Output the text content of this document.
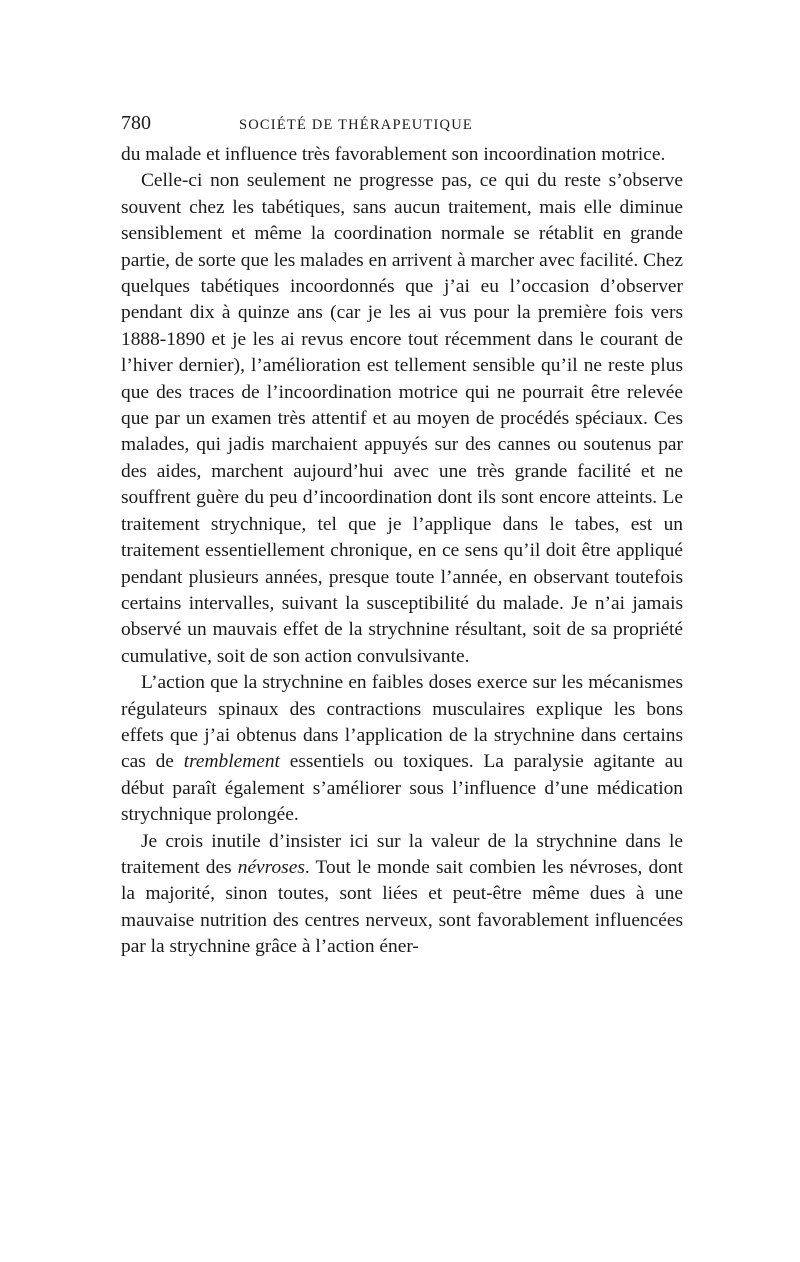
780	SOCIÉTÉ DE THÉRAPEUTIQUE

du malade et influence très favorablement son incoordination motrice.

Celle-ci non seulement ne progresse pas, ce qui du reste s’observe souvent chez les tabétiques, sans aucun traitement, mais elle diminue sensiblement et même la coordination normale se rétablit en grande partie, de sorte que les malades en arrivent à marcher avec facilité. Chez quelques tabétiques incoordonnés que j’ai eu l’occasion d’observer pendant dix à quinze ans (car je les ai vus pour la première fois vers 1888-1890 et je les ai revus encore tout récemment dans le courant de l’hiver dernier), l’amélioration est tellement sensible qu’il ne reste plus que des traces de l’incoordination motrice qui ne pourrait être relevée que par un examen très attentif et au moyen de procédés spéciaux. Ces malades, qui jadis marchaient appuyés sur des cannes ou soutenus par des aides, marchent aujourd’hui avec une très grande facilité et ne souffrent guère du peu d’incoordination dont ils sont encore atteints. Le traitement strychnique, tel que je l’applique dans le tabes, est un traitement essentiellement chronique, en ce sens qu’il doit être appliqué pendant plusieurs années, presque toute l’année, en observant toutefois certains intervalles, suivant la susceptibilité du malade. Je n’ai jamais observé un mauvais effet de la strychnine résultant, soit de sa propriété cumulative, soit de son action convulsivante.

L’action que la strychnine en faibles doses exerce sur les mécanismes régulateurs spinaux des contractions musculaires explique les bons effets que j’ai obtenus dans l’application de la strychnine dans certains cas de tremblement essentiels ou toxiques. La paralysie agitante au début paraît également s’améliorer sous l’influence d’une médication strychnique prolongée.

Je crois inutile d’insister ici sur la valeur de la strychnine dans le traitement des névroses. Tout le monde sait combien les névroses, dont la majorité, sinon toutes, sont liées et peut-être même dues à une mauvaise nutrition des centres nerveux, sont favorablement influencées par la strychnine grâce à l’action éner-
